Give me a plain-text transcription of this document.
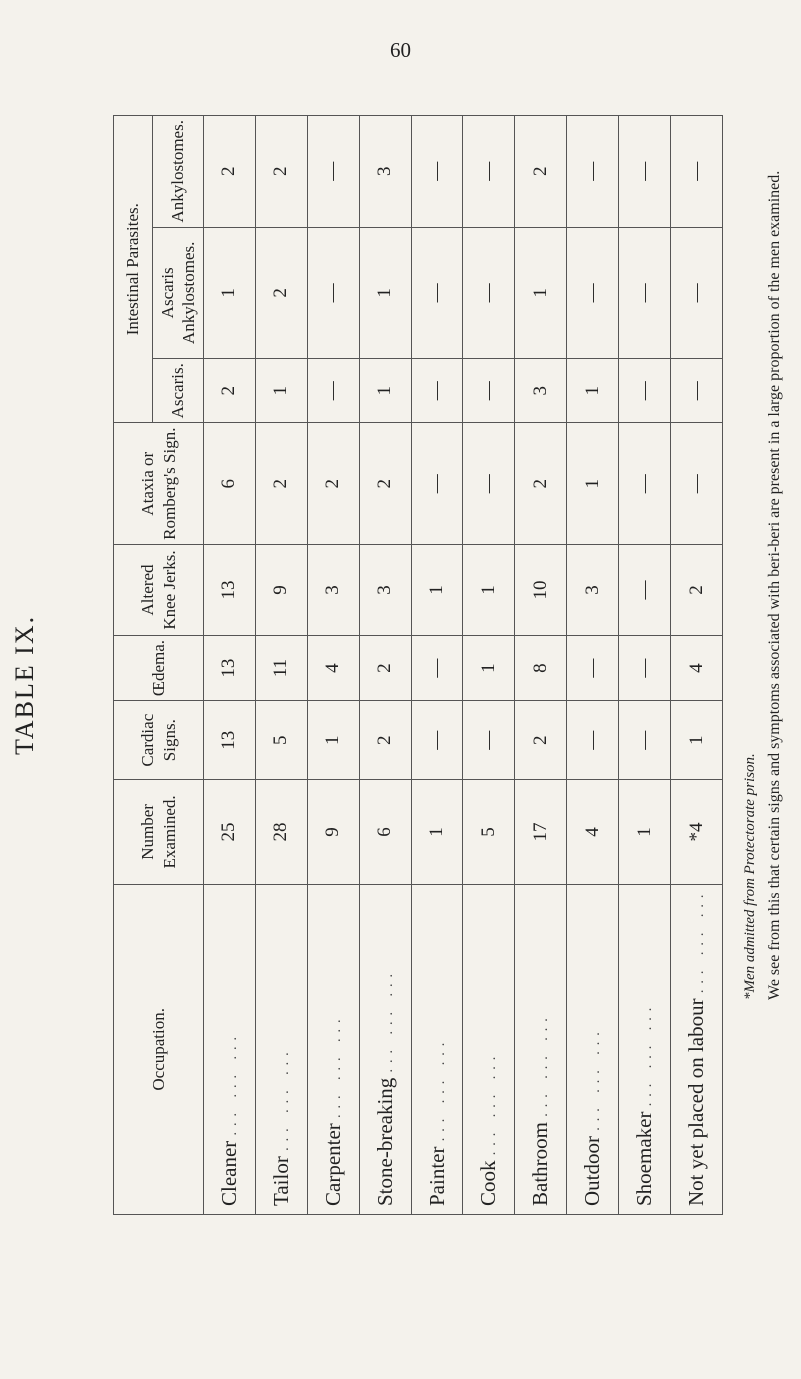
60
TABLE IX.
Occupation.	Number Examined.	Cardiac Signs.	Œdema.	Altered Knee Jerks.	Ataxia or Romberg's Sign.	Intestinal Parasites.		
						Ascaris.	Ascaris Ankylostomes.	Ankylostomes.
Cleaner ... ... ...	25	13	13	13	6	2	1	2
Tailor ... ... ...	28	5	11	9	2	1	2	2
Carpenter ... ... ...	9	1	4	3	2	—	—	—
Stone-breaking ... ... ...	6	2	2	3	2	1	1	3
Painter ... ... ...	1	—	—	1	—	—	—	—
Cook ... ... ...	5	—	1	1	—	—	—	—
Bathroom ... ... ...	17	2	8	10	2	3	1	2
Outdoor ... ... ...	4	—	—	3	1	1	—	—
Shoemaker ... ... ...	1	—	—	—	—	—	—	—
Not yet placed on labour ... ... ...	*4	1	4	2	—	—	—	—
*Men admitted from Protectorate prison. We see from this that certain signs and symptoms associated with beri-beri are present in a large proportion of the men examined.
